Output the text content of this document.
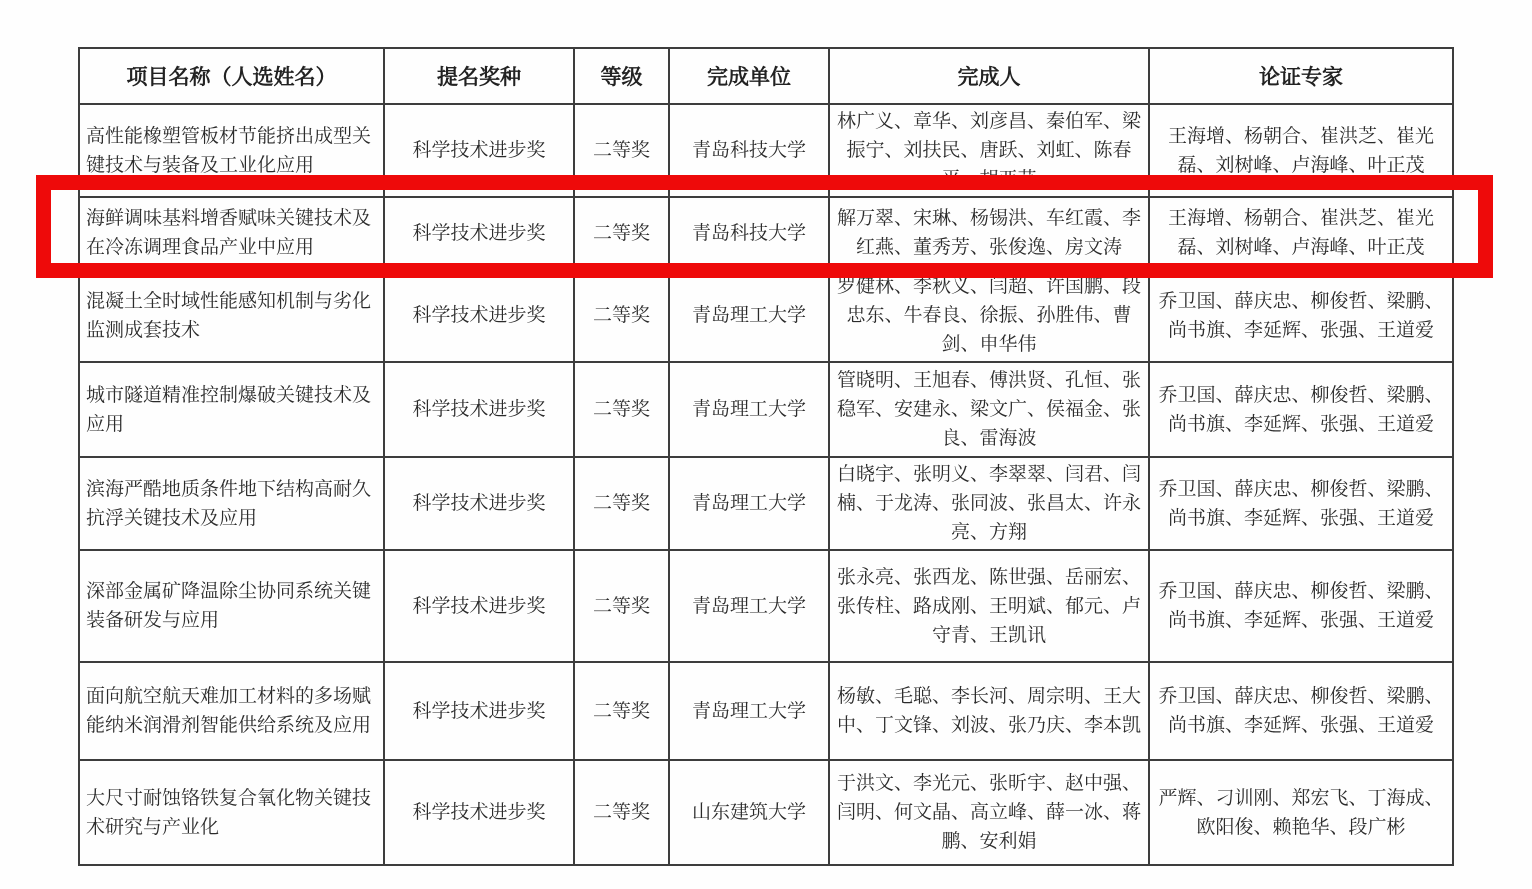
项目名称（人选姓名）	提名奖种	等级	完成单位	完成人	论证专家
高性能橡塑管板材节能挤出成型关键技术与装备及工业化应用	科学技术进步奖	二等奖	青岛科技大学	林广义、章华、刘彦昌、秦伯军、梁振宁、刘扶民、唐跃、刘虹、陈春平、胡亚芸	王海增、杨朝合、崔洪芝、崔光磊、刘树峰、卢海峰、叶正茂
海鲜调味基料增香赋味关键技术及在冷冻调理食品产业中应用	科学技术进步奖	二等奖	青岛科技大学	解万翠、宋琳、杨锡洪、车红霞、李红燕、董秀芳、张俊逸、房文涛	王海增、杨朝合、崔洪芝、崔光磊、刘树峰、卢海峰、叶正茂
混凝土全时域性能感知机制与劣化监测成套技术	科学技术进步奖	二等奖	青岛理工大学	罗健林、李秋义、闫超、许国鹏、段忠东、牛春良、徐振、孙胜伟、曹剑、申华伟	乔卫国、薛庆忠、柳俊哲、梁鹏、尚书旗、李延辉、张强、王道爱
城市隧道精准控制爆破关键技术及应用	科学技术进步奖	二等奖	青岛理工大学	管晓明、王旭春、傅洪贤、孔恒、张稳军、安建永、梁文广、侯福金、张良、雷海波	乔卫国、薛庆忠、柳俊哲、梁鹏、尚书旗、李延辉、张强、王道爱
滨海严酷地质条件地下结构高耐久抗浮关键技术及应用	科学技术进步奖	二等奖	青岛理工大学	白晓宇、张明义、李翠翠、闫君、闫楠、于龙涛、张同波、张昌太、许永亮、方翔	乔卫国、薛庆忠、柳俊哲、梁鹏、尚书旗、李延辉、张强、王道爱
深部金属矿降温除尘协同系统关键装备研发与应用	科学技术进步奖	二等奖	青岛理工大学	张永亮、张西龙、陈世强、岳丽宏、张传柱、路成刚、王明斌、郁元、卢守青、王凯讯	乔卫国、薛庆忠、柳俊哲、梁鹏、尚书旗、李延辉、张强、王道爱
面向航空航天难加工材料的多场赋能纳米润滑剂智能供给系统及应用	科学技术进步奖	二等奖	青岛理工大学	杨敏、毛聪、李长河、周宗明、王大中、丁文锋、刘波、张乃庆、李本凯	乔卫国、薛庆忠、柳俊哲、梁鹏、尚书旗、李延辉、张强、王道爱
大尺寸耐蚀铬铁复合氧化物关键技术研究与产业化	科学技术进步奖	二等奖	山东建筑大学	于洪文、李光元、张昕宇、赵中强、闫明、何文晶、高立峰、薛一冰、蒋鹏、安利娟	严辉、刁训刚、郑宏飞、丁海成、欧阳俊、赖艳华、段广彬
